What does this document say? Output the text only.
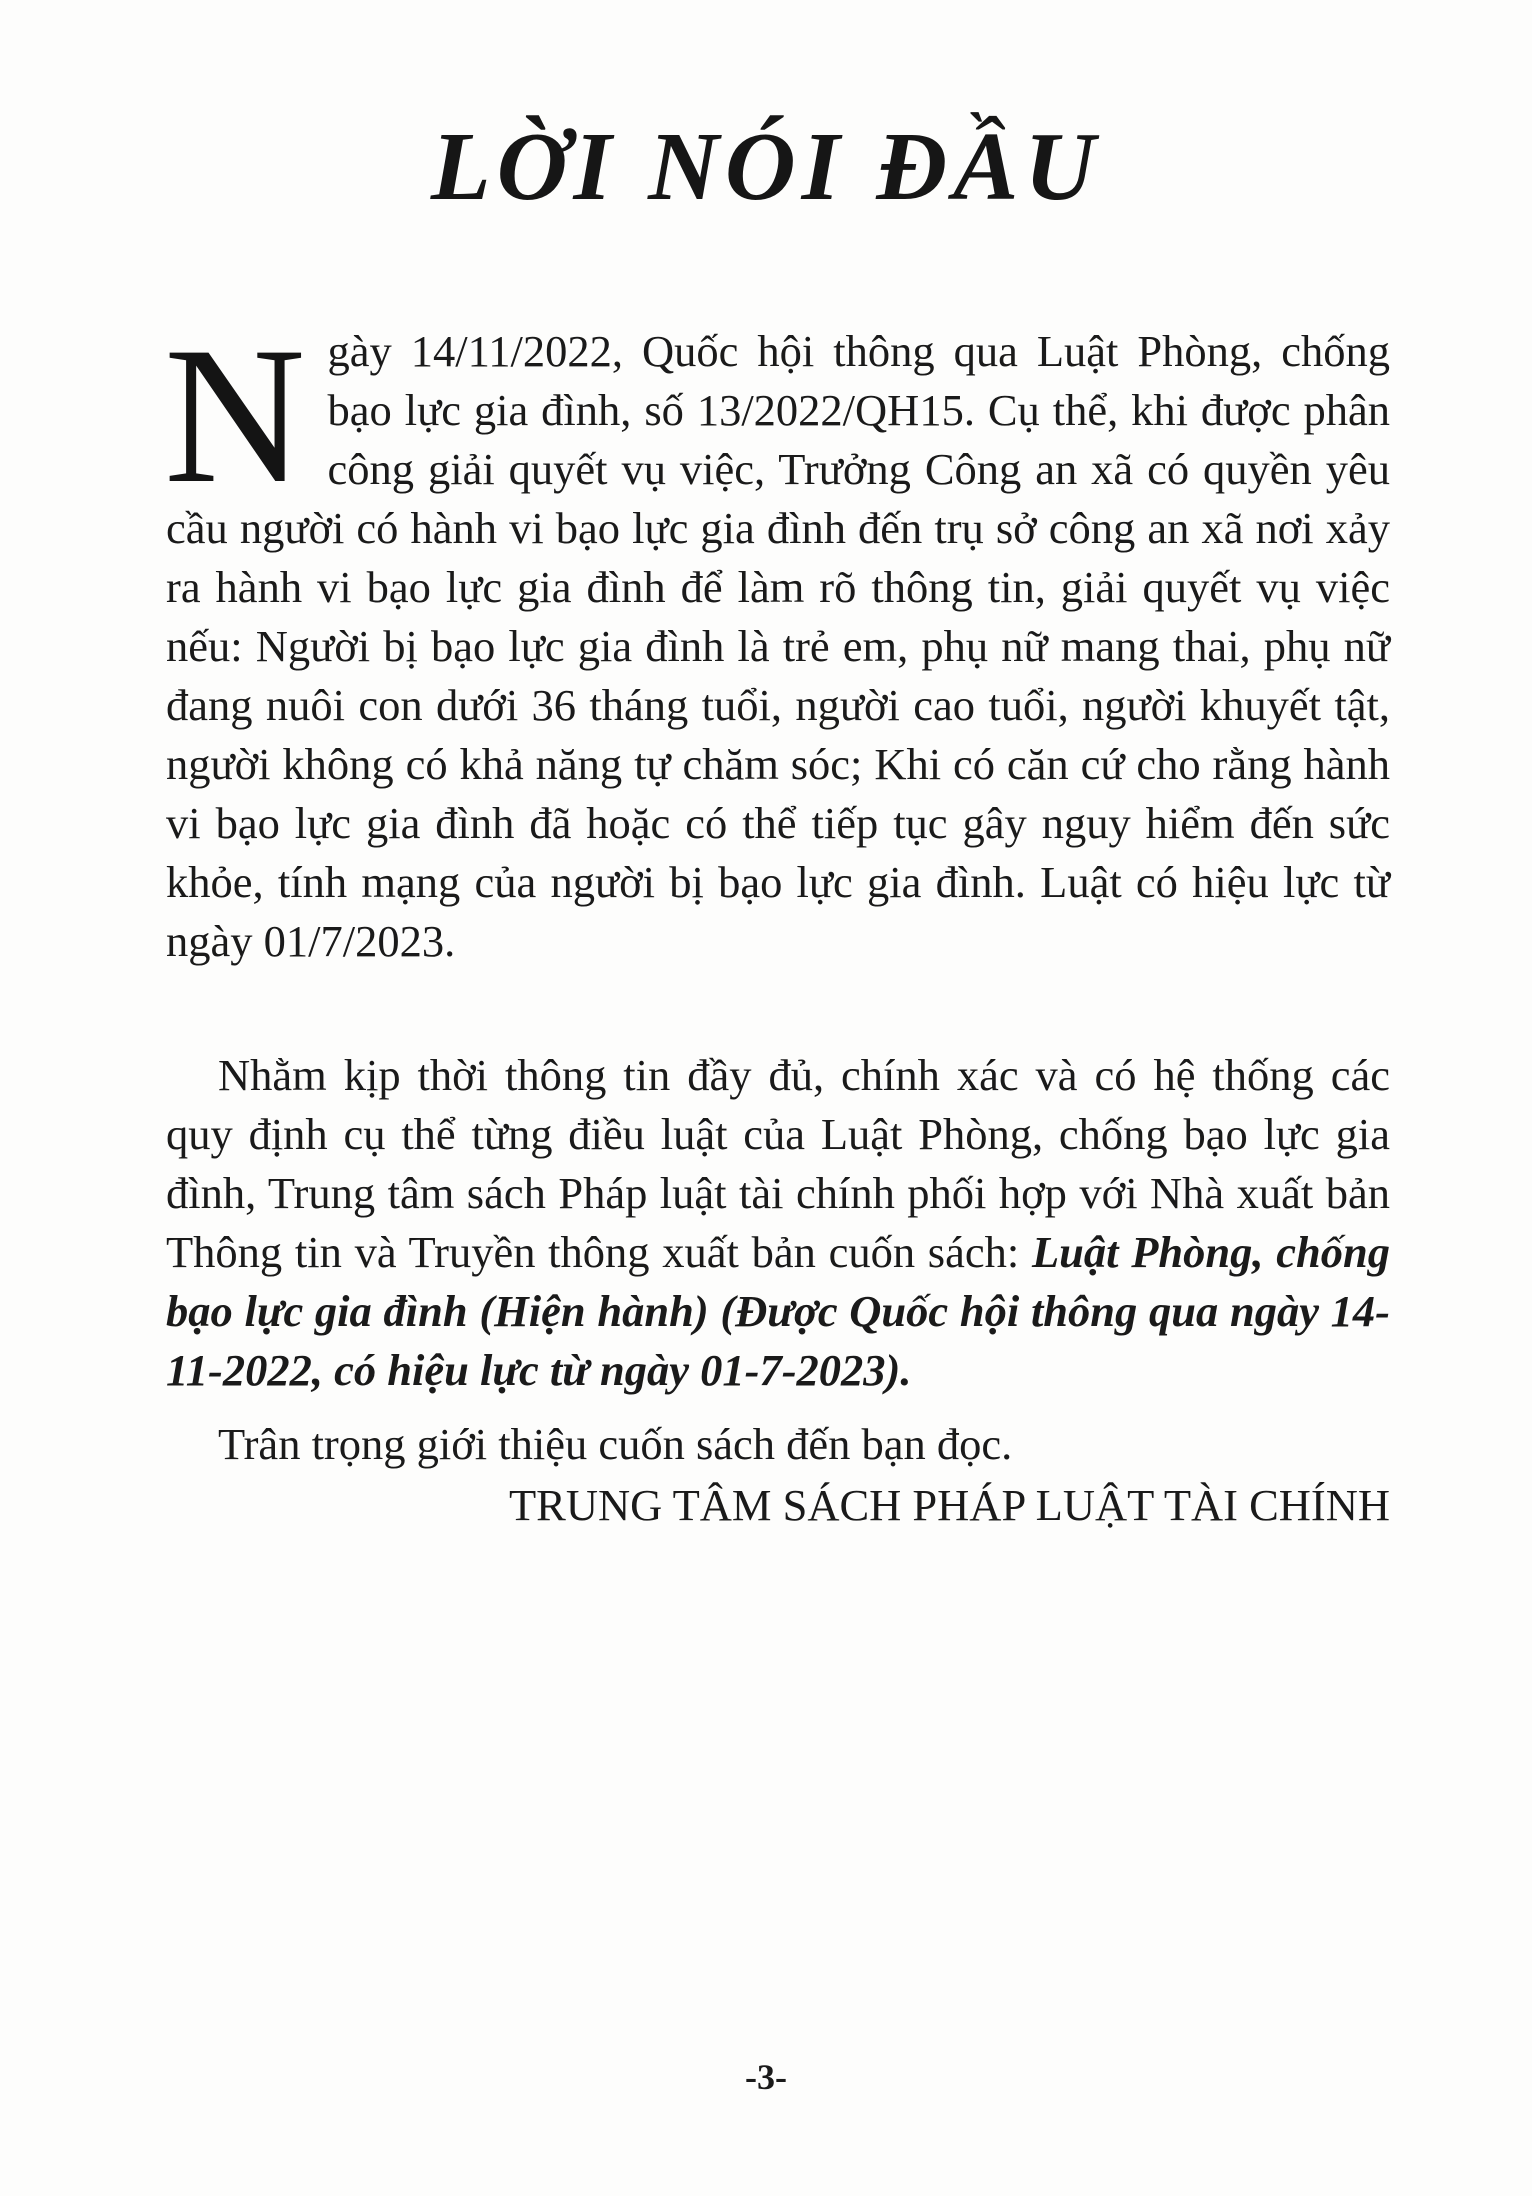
LỜI NÓI ĐẦU

Ngày 14/11/2022, Quốc hội thông qua Luật Phòng, chống bạo lực gia đình, số 13/2022/QH15. Cụ thể, khi được phân công giải quyết vụ việc, Trưởng Công an xã có quyền yêu cầu người có hành vi bạo lực gia đình đến trụ sở công an xã nơi xảy ra hành vi bạo lực gia đình để làm rõ thông tin, giải quyết vụ việc nếu: Người bị bạo lực gia đình là trẻ em, phụ nữ mang thai, phụ nữ đang nuôi con dưới 36 tháng tuổi, người cao tuổi, người khuyết tật, người không có khả năng tự chăm sóc; Khi có căn cứ cho rằng hành vi bạo lực gia đình đã hoặc có thể tiếp tục gây nguy hiểm đến sức khỏe, tính mạng của người bị bạo lực gia đình. Luật có hiệu lực từ ngày 01/7/2023.

Nhằm kịp thời thông tin đầy đủ, chính xác và có hệ thống các quy định cụ thể từng điều luật của Luật Phòng, chống bạo lực gia đình, Trung tâm sách Pháp luật tài chính phối hợp với Nhà xuất bản Thông tin và Truyền thông xuất bản cuốn sách: Luật Phòng, chống bạo lực gia đình (Hiện hành) (Được Quốc hội thông qua ngày 14-11-2022, có hiệu lực từ ngày 01-7-2023).

Trân trọng giới thiệu cuốn sách đến bạn đọc.

TRUNG TÂM SÁCH PHÁP LUẬT TÀI CHÍNH
-3-
